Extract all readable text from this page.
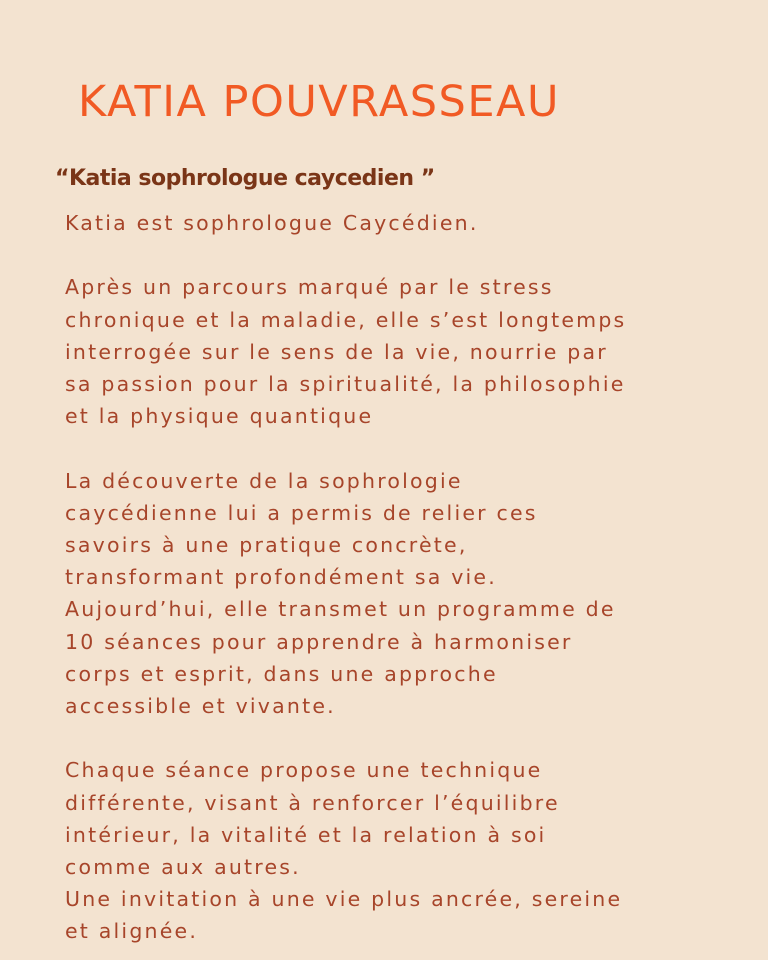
KATIA POUVRASSEAU
“Katia sophrologue caycedien ”

Katia est sophrologue Caycédien.

Après un parcours marqué par le stress

chronique et la maladie, elle s’est longtemps

interrogée sur le sens de la vie, nourrie par

sa passion pour la spiritualité, la philosophie

et la physique quantique

La découverte de la sophrologie

caycédienne lui a permis de relier ces

savoirs à une pratique concrète,

transformant profondément sa vie.

Aujourd’hui, elle transmet un programme de

10 séances pour apprendre à harmoniser

corps et esprit, dans une approche

accessible et vivante.

Chaque séance propose une technique

différente, visant à renforcer l’équilibre

intérieur, la vitalité et la relation à soi

comme aux autres.

Une invitation à une vie plus ancrée, sereine

et alignée.
